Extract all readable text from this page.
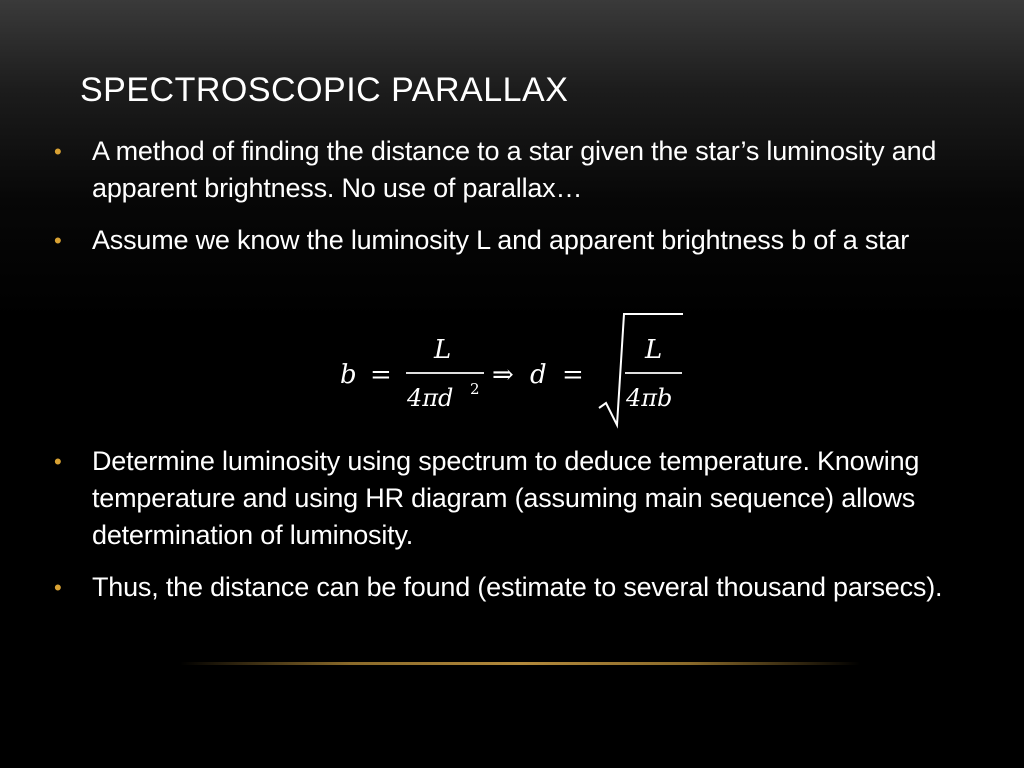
SPECTROSCOPIC PARALLAX
• A method of finding the distance to a star given the star’s luminosity and apparent brightness. No use of parallax…
• Assume we know the luminosity L and apparent brightness b of a star
b =
L
4πd 2 ⇒ d =
L
4πb
• Determine luminosity using spectrum to deduce temperature. Knowing temperature and using HR diagram (assuming main sequence) allows determination of luminosity.
• Thus, the distance can be found (estimate to several thousand parsecs).
